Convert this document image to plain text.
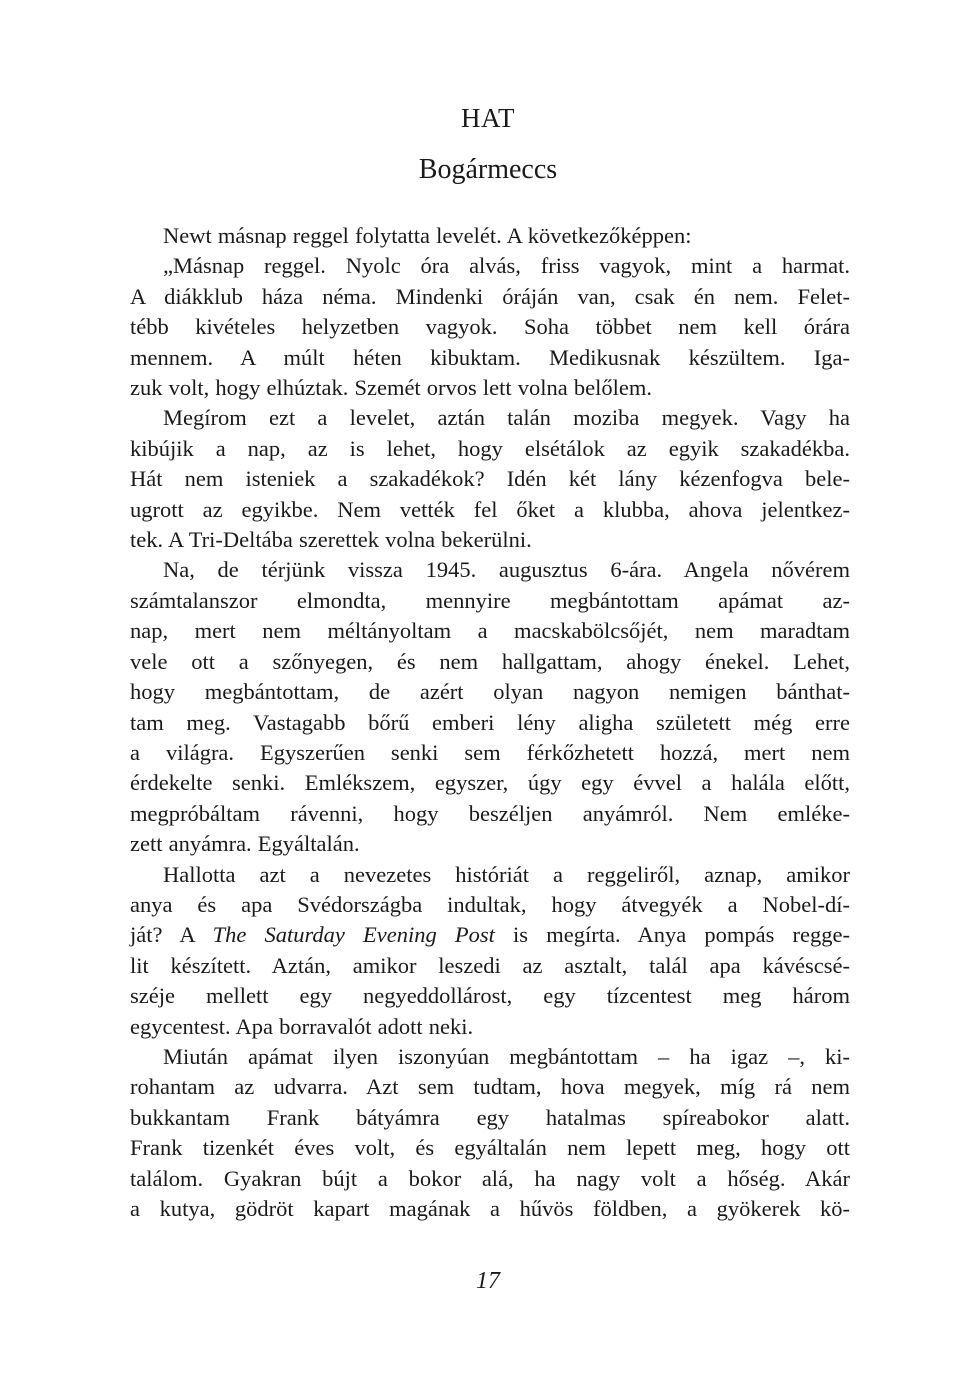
HAT
Bogármeccs
Newt másnap reggel folytatta levelét. A következőképpen:
„Másnap reggel. Nyolc óra alvás, friss vagyok, mint a harmat.
A diákklub háza néma. Mindenki óráján van, csak én nem. Felet-
tébb kivételes helyzetben vagyok. Soha többet nem kell órára
mennem. A múlt héten kibuktam. Medikusnak készültem. Iga-
zuk volt, hogy elhúztak. Szemét orvos lett volna belőlem.
Megírom ezt a levelet, aztán talán moziba megyek. Vagy ha
kibújik a nap, az is lehet, hogy elsétálok az egyik szakadékba.
Hát nem isteniek a szakadékok? Idén két lány kézenfogva bele-
ugrott az egyikbe. Nem vették fel őket a klubba, ahova jelentkez-
tek. A Tri-Deltába szerettek volna bekerülni.
Na, de térjünk vissza 1945. augusztus 6-ára. Angela nővérem
számtalanszor elmondta, mennyire megbántottam apámat az-
nap, mert nem méltányoltam a macskabölcsőjét, nem maradtam
vele ott a szőnyegen, és nem hallgattam, ahogy énekel. Lehet,
hogy megbántottam, de azért olyan nagyon nemigen bánthat-
tam meg. Vastagabb bőrű emberi lény aligha született még erre
a világra. Egyszerűen senki sem férkőzhetett hozzá, mert nem
érdekelte senki. Emlékszem, egyszer, úgy egy évvel a halála előtt,
megpróbáltam rávenni, hogy beszéljen anyámról. Nem emléke-
zett anyámra. Egyáltalán.
Hallotta azt a nevezetes históriát a reggeliről, aznap, amikor
anya és apa Svédországba indultak, hogy átvegyék a Nobel-dí-
ját? A The Saturday Evening Post is megírta. Anya pompás regge-
lit készített. Aztán, amikor leszedi az asztalt, talál apa kávéscsé-
széje mellett egy negyeddollárost, egy tízcentest meg három
egycentest. Apa borravalót adott neki.
Miután apámat ilyen iszonyúan megbántottam – ha igaz –, ki-
rohantam az udvarra. Azt sem tudtam, hova megyek, míg rá nem
bukkantam Frank bátyámra egy hatalmas spíreabokor alatt.
Frank tizenkét éves volt, és egyáltalán nem lepett meg, hogy ott
találom. Gyakran bújt a bokor alá, ha nagy volt a hőség. Akár
a kutya, gödröt kapart magának a hűvös földben, a gyökerek kö-
17
